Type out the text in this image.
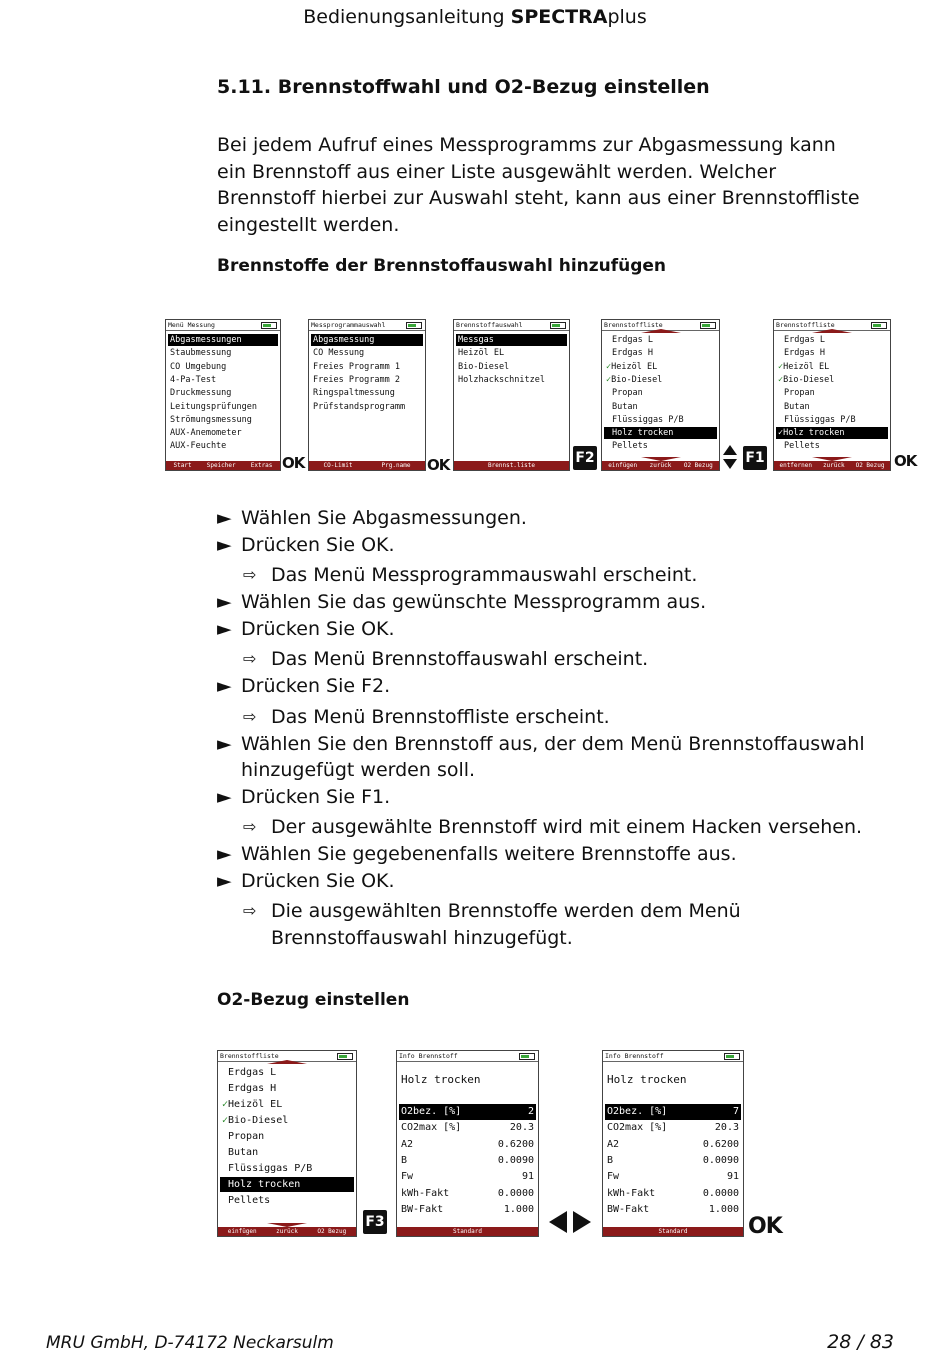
Bedienungsanleitung SPECTRAplus
5.11. Brennstoffwahl und O2-Bezug einstellen
Bei jedem Aufruf eines Messprogramms zur Abgasmessung kann ein Brennstoff aus einer Liste ausgewählt werden. Welcher Brennstoff hierbei zur Auswahl steht, kann aus einer Brennstoffliste eingestellt werden.
Brennstoffe der Brennstoffauswahl hinzufügen
Menü Messung
Abgasmessungen
Staubmessung
CO Umgebung
4-Pa-Test
Druckmessung
Leitungsprüfungen
Strömungsmessung
AUX-Anemometer
AUX-Feuchte
Start	Speicher	Extras
Messprogrammauswahl
Abgasmessung
CO Messung
Freies Programm 1
Freies Programm 2
Ringspaltmessung
Prüfstandsprogramm
CO-Limit	Prg.name
Brennstoffauswahl
Messgas
Heizöl EL
Bio-Diesel
Holzhackschnitzel
Brennst.liste
Brennstoffliste
Erdgas L
Erdgas H
✓Heizöl EL
✓Bio-Diesel
Propan
Butan
Flüssiggas P/B
Holz trocken
Pellets
einfügen zurück O2 Bezug
Brennstoffliste
Erdgas L
Erdgas H
✓Heizöl EL
✓Bio-Diesel
Propan
Butan
Flüssiggas P/B
✓Holz trocken
Pellets
entfernen zurück O2 Bezug
OK	OK	OK
F2	F1
► Wählen Sie Abgasmessungen.
► Drücken Sie OK.
⇨ Das Menü Messprogrammauswahl erscheint.
► Wählen Sie das gewünschte Messprogramm aus.
► Drücken Sie OK.
⇨ Das Menü Brennstoffauswahl erscheint.
► Drücken Sie F2.
⇨ Das Menü Brennstoffliste erscheint.
► Wählen Sie den Brennstoff aus, der dem Menü Brennstoffauswahl hinzugefügt werden soll.
► Drücken Sie F1.
⇨ Der ausgewählte Brennstoff wird mit einem Hacken versehen.
► Wählen Sie gegebenenfalls weitere Brennstoffe aus.
► Drücken Sie OK.
⇨ Die ausgewählten Brennstoffe werden dem Menü Brennstoffauswahl hinzugefügt.
O2-Bezug einstellen
Brennstoffliste
Erdgas L
Erdgas H
✓Heizöl EL
✓Bio-Diesel
Propan
Butan
Flüssiggas P/B
Holz trocken
Pellets
einfügen	zurück	O2 Bezug
Info Brennstoff
Holz trocken
O2bez. [%]	2
CO2max [%]	20.3
A2	0.6200
B	0.0090
Fw	91
kWh-Fakt	0.0000
BW-Fakt	1.000
Standard
Info Brennstoff
Holz trocken
O2bez. [%]	7
CO2max [%]	20.3
A2	0.6200
B	0.0090
Fw	91
kWh-Fakt	0.0000
BW-Fakt	1.000
Standard
F3	OK
MRU GmbH, D-74172 Neckarsulm	28 / 83
